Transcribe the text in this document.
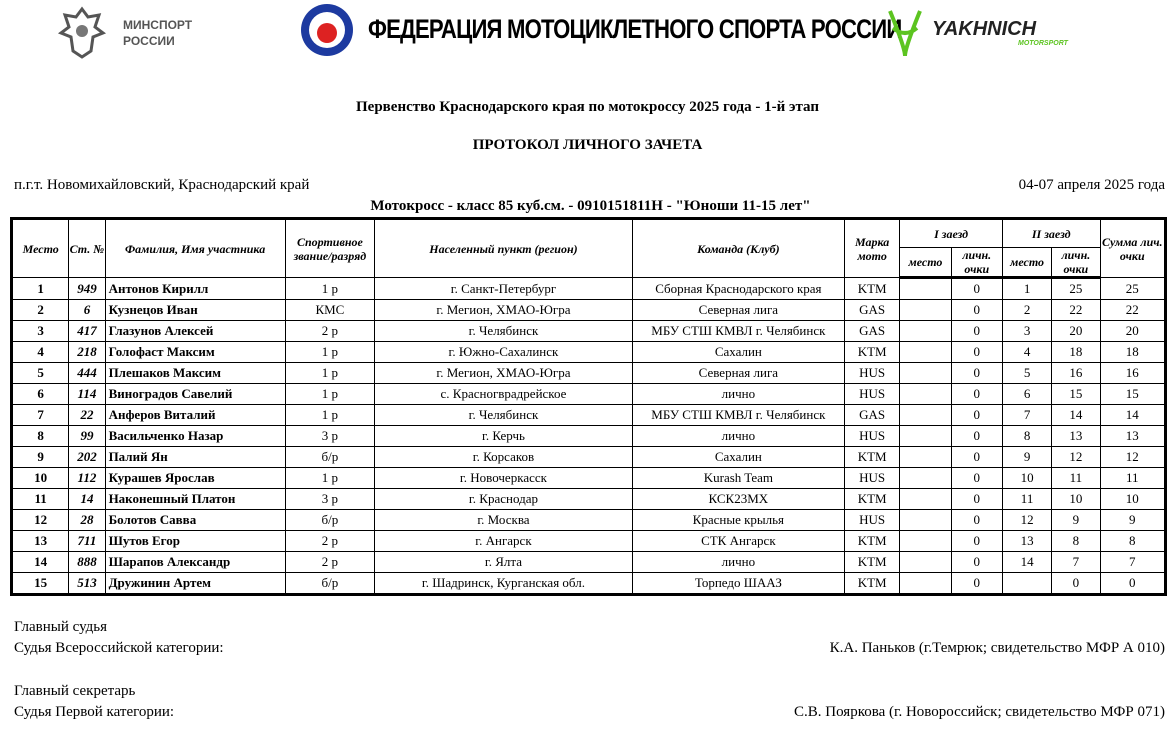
МИНСПОРТ
РОССИИ	ФЕДЕРАЦИЯ МОТОЦИКЛЕТНОГО СПОРТА РОССИИ YAKHNICH
MOTORSPORT
Первенство Краснодарского края по мотокроссу 2025 года - 1-й этап
ПРОТОКОЛ ЛИЧНОГО ЗАЧЕТА
п.г.т. Новомихайловский, Краснодарский край	04-07 апреля 2025 года
Мотокросс - класс 85 куб.см. - 0910151811Н - "Юноши 11-15 лет"
Место	Ст. №	Фамилия, Имя участника	Спортивное звание/разряд	Населенный пункт (регион)	Команда (Клуб)	Марка мото	I заезд		II заезд		Сумма лич. очки
							место	личн. очки	место	личн. очки	
1	949	Антонов Кирилл	1 р	г. Санкт-Петербург	Сборная Краснодарского края	KTM		0	1	25	25
2	6	Кузнецов Иван	КМС	г. Мегион, ХМАО-Югра	Северная лига	GAS		0	2	22	22
3	417	Глазунов Алексей	2 р	г. Челябинск	МБУ СТШ КМВЛ г. Челябинск	GAS		0	3	20	20
4	218	Голофаст Максим	1 р	г. Южно-Сахалинск	Сахалин	KTM		0	4	18	18
5	444	Плешаков Максим	1 р	г. Мегион, ХМАО-Югра	Северная лига	HUS		0	5	16	16
6	114	Виноградов Савелий	1 р	с. Красногврадрейское	лично	HUS		0	6	15	15
7	22	Анферов Виталий	1 р	г. Челябинск	МБУ СТШ КМВЛ г. Челябинск	GAS		0	7	14	14
8	99	Васильченко Назар	3 р	г. Керчь	лично	HUS		0	8	13	13
9	202	Палий Ян	б/р	г. Корсаков	Сахалин	KTM		0	9	12	12
10	112	Курашев Ярослав	1 р	г. Новочеркасск	Kurash Team	HUS		0	10	11	11
11	14	Наконешный Платон	3 р	г. Краснодар	КСК23МХ	KTM		0	11	10	10
12	28	Болотов Савва	б/р	г. Москва	Красные крылья	HUS		0	12	9	9
13	711	Шутов Егор	2 р	г. Ангарск	СТК Ангарск	KTM		0	13	8	8
14	888	Шарапов Александр	2 р	г. Ялта	лично	KTM		0	14	7	7
15	513	Дружинин Артем	б/р	г. Шадринск, Курганская обл.	Торпедо ШААЗ	KTM		0		0	0
Главный судья
Судья Всероссийской категории:	К.А. Паньков (г.Темрюк; свидетельство МФР А 010)
Главный секретарь
Судья Первой категории:	С.В. Пояркова (г. Новороссийск; свидетельство МФР 071)
